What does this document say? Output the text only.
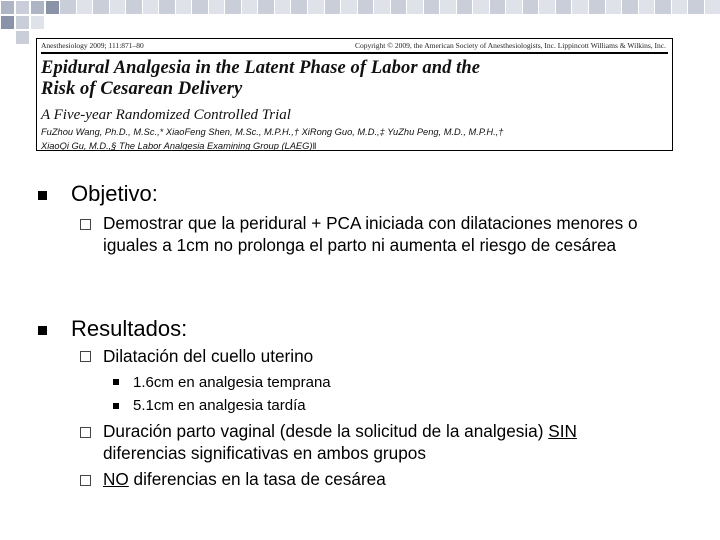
Anesthesiology 2009; 111:871–80	Copyright © 2009, the American Society of Anesthesiologists, Inc. Lippincott Williams & Wilkins, Inc.
Epidural Analgesia in the Latent Phase of Labor and the
Risk of Cesarean Delivery
A Five-year Randomized Controlled Trial
FuZhou Wang, Ph.D., M.Sc.,* XiaoFeng Shen, M.Sc., M.P.H.,† XiRong Guo, M.D.,‡ YuZhu Peng, M.D., M.P.H.,†
XiaoQi Gu, M.D.,§ The Labor Analgesia Examining Group (LAEG)‖
Objetivo:
Demostrar que la peridural + PCA iniciada con dilataciones menores o iguales a 1cm no prolonga el parto ni aumenta el riesgo de cesárea
Resultados:
Dilatación del cuello uterino
1.6cm en analgesia temprana
5.1cm en analgesia tardía
Duración parto vaginal (desde la solicitud de la analgesia) SIN
diferencias significativas en ambos grupos
NO diferencias en la tasa de cesárea
